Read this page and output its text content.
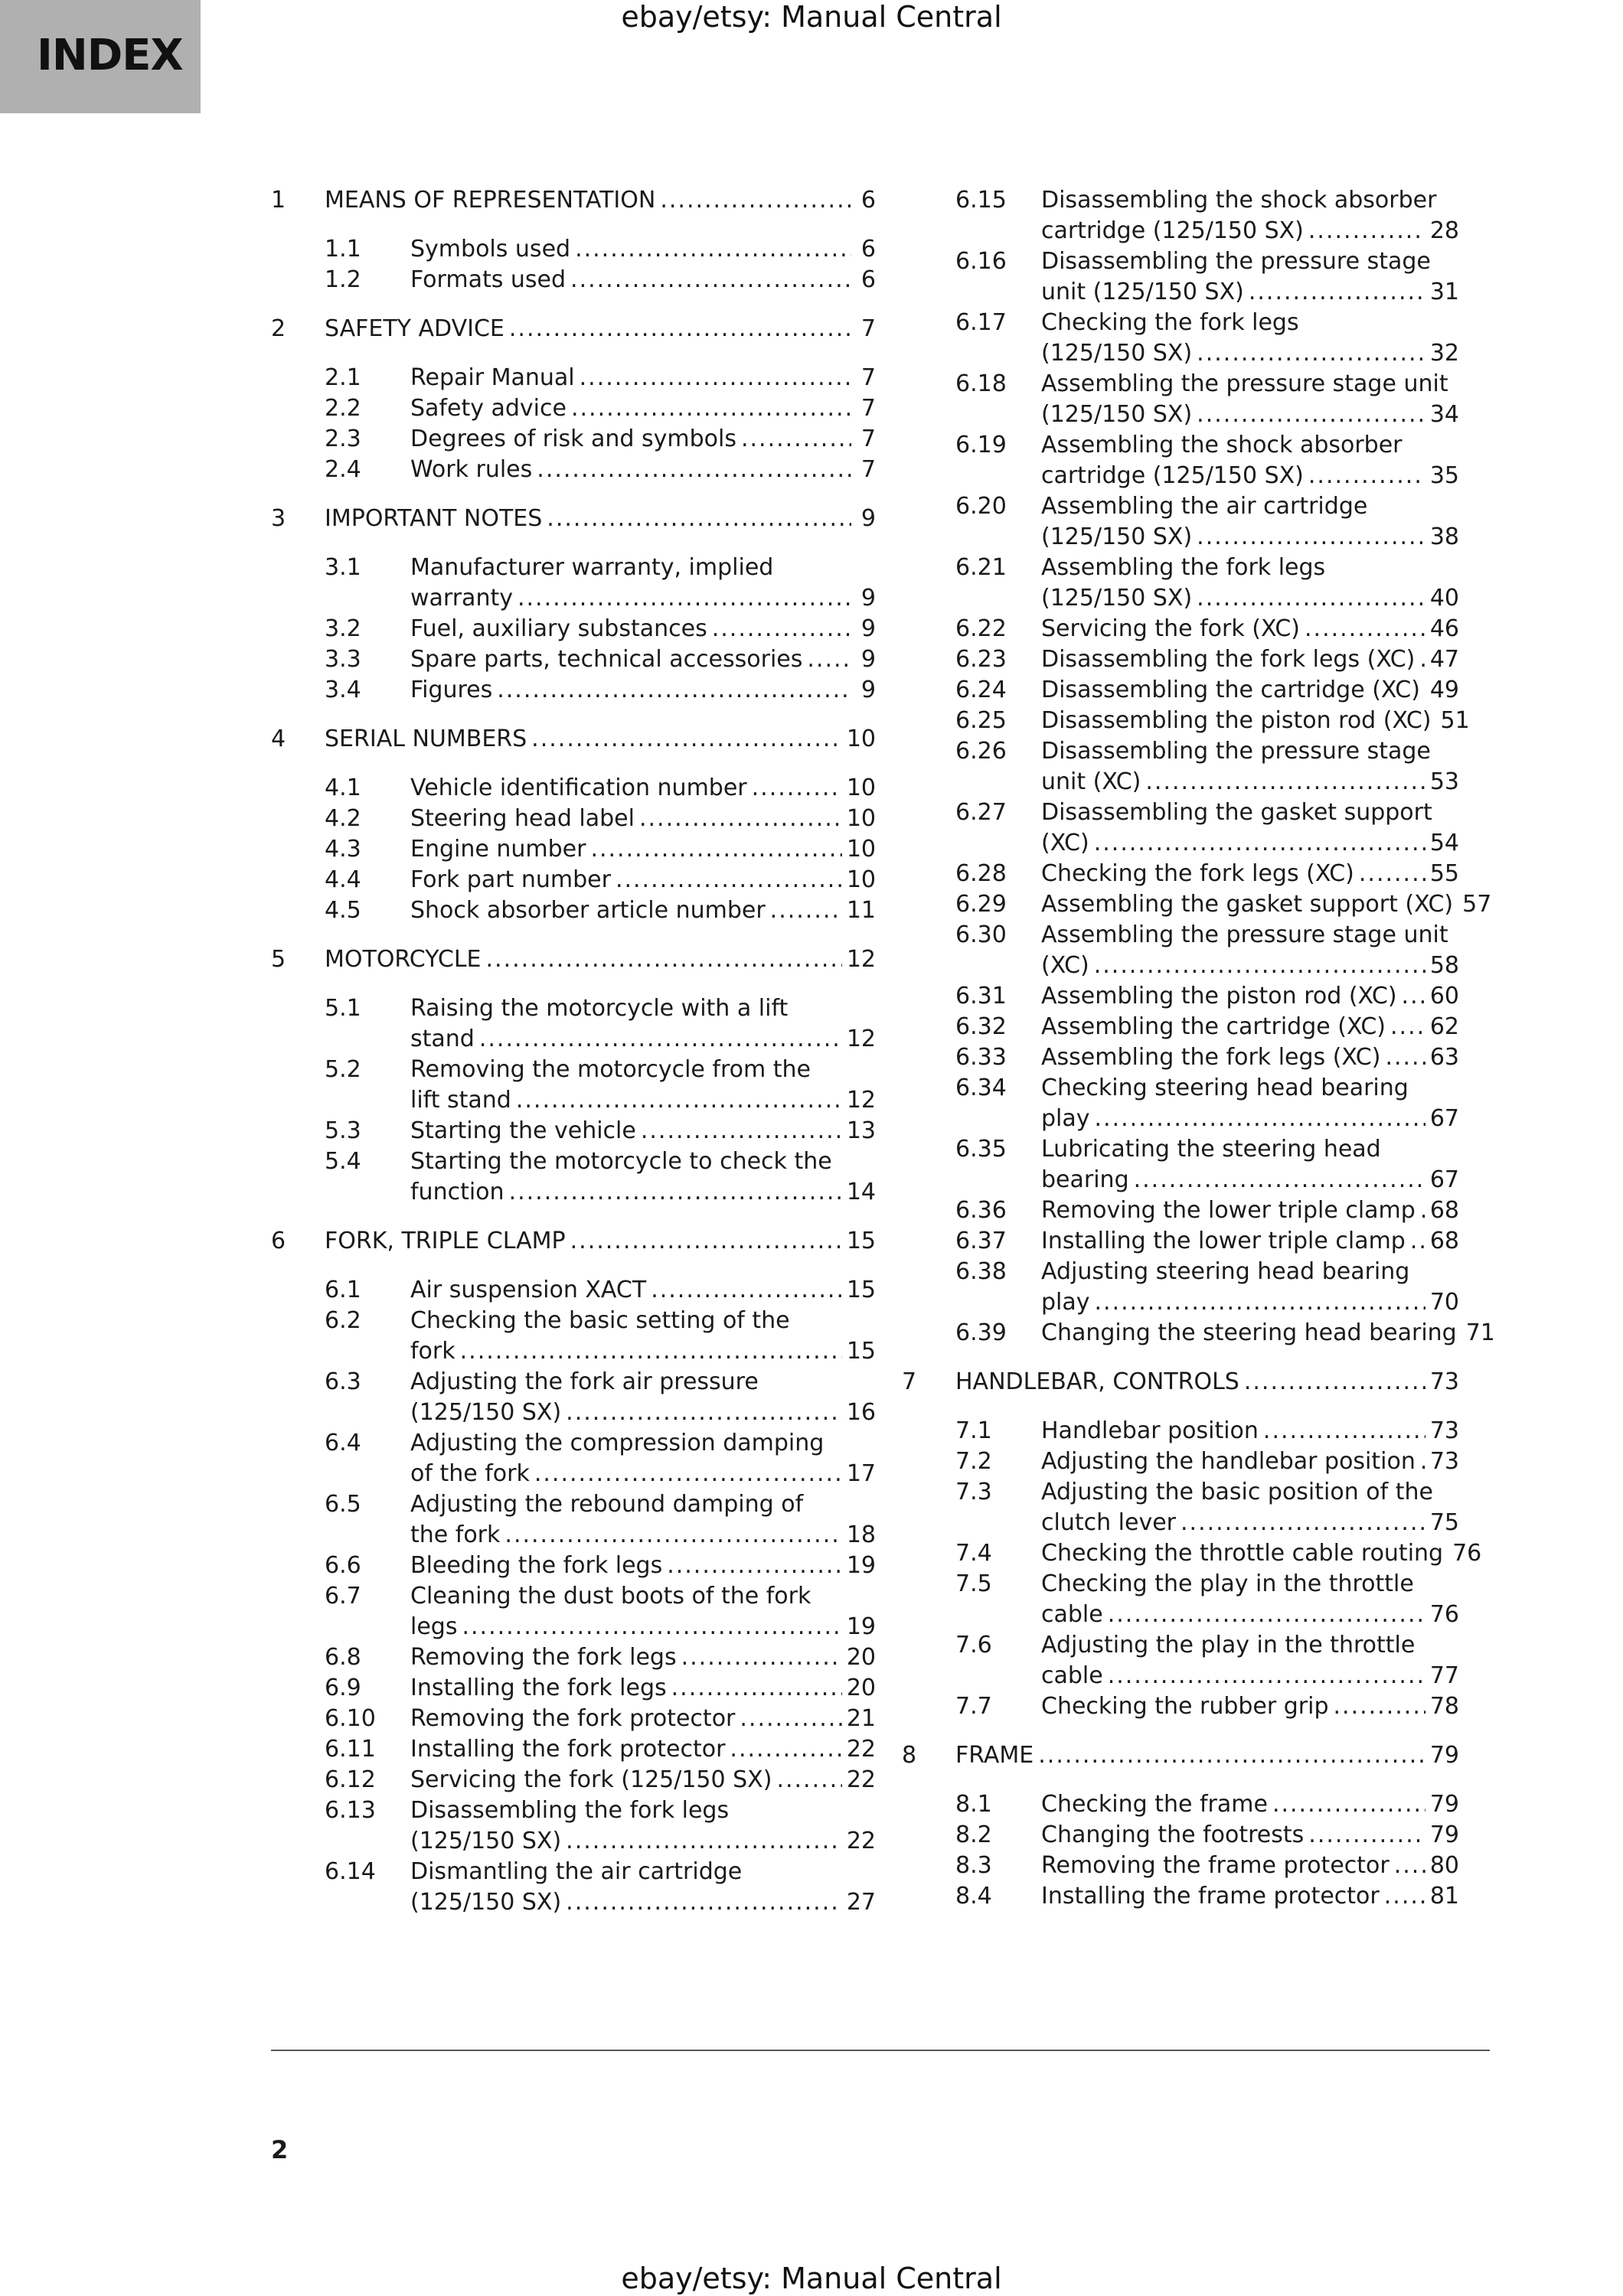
ebay/etsy: Manual Central
INDEX
1 MEANS OF REPRESENTATION .....	6
1.1 Symbols used .....	6
1.2 Formats used .....	6
2 SAFETY ADVICE .....	7
2.1 Repair Manual .....	7
2.2 Safety advice .....	7
2.3 Degrees of risk and symbols .....	7
2.4 Work rules .....	7
3 IMPORTANT NOTES .....	9
3.1 Manufacturer warranty, implied
warranty .....	9
3.2 Fuel, auxiliary substances .....	9
3.3 Spare parts, technical accessories .....	9
3.4 Figures .....	9
4 SERIAL NUMBERS .....	10
4.1 Vehicle identification number .....	10
4.2 Steering head label .....	10
4.3 Engine number .....	10
4.4 Fork part number .....	10
4.5 Shock absorber article number .....	11
5 MOTORCYCLE .....	12
5.1 Raising the motorcycle with a lift
stand .....	12
5.2 Removing the motorcycle from the
lift stand .....	12
5.3 Starting the vehicle .....	13
5.4 Starting the motorcycle to check the
function .....	14
6 FORK, TRIPLE CLAMP .....	15
6.1 Air suspension XACT .....	15
6.2 Checking the basic setting of the
fork .....	15
6.3 Adjusting the fork air pressure
(125/150 SX) .....	16
6.4 Adjusting the compression damping
of the fork .....	17
6.5 Adjusting the rebound damping of
the fork .....	18
6.6 Bleeding the fork legs .....	19
6.7 Cleaning the dust boots of the fork
legs .....	19
6.8 Removing the fork legs .....	20
6.9 Installing the fork legs .....	20
6.10 Removing the fork protector .....	21
6.11 Installing the fork protector .....	22
6.12 Servicing the fork (125/150 SX) .....	22
6.13 Disassembling the fork legs
(125/150 SX) .....	22
6.14 Dismantling the air cartridge
(125/150 SX) .....	27
6.15 Disassembling the shock absorber
cartridge (125/150 SX) .....	28
6.16 Disassembling the pressure stage
unit (125/150 SX) .....	31
6.17 Checking the fork legs
(125/150 SX) .....	32
6.18 Assembling the pressure stage unit
(125/150 SX) .....	34
6.19 Assembling the shock absorber
cartridge (125/150 SX) .....	35
6.20 Assembling the air cartridge
(125/150 SX) .....	38
6.21 Assembling the fork legs
(125/150 SX) .....	40
6.22 Servicing the fork (XC) .....	46
6.23 Disassembling the fork legs (XC) ..... 47
6.24 Disassembling the cartridge (XC) ..... 49
6.25 Disassembling the piston rod (XC) 51
6.26 Disassembling the pressure stage
unit (XC) .....	53
6.27 Disassembling the gasket support
(XC) .....	54
6.28 Checking the fork legs (XC) .....	55
6.29 Assembling the gasket support (XC) 57
6.30 Assembling the pressure stage unit
(XC) .....	58
6.31 Assembling the piston rod (XC) ..... 60
6.32 Assembling the cartridge (XC) ..... 62
6.33 Assembling the fork legs (XC) ..... 63
6.34 Checking steering head bearing
play .....	67
6.35 Lubricating the steering head
bearing .....	67
6.36 Removing the lower triple clamp ..... 68
6.37 Installing the lower triple clamp ..... 68
6.38 Adjusting steering head bearing
play .....	70
6.39 Changing the steering head bearing 71
7 HANDLEBAR, CONTROLS .....	73
7.1 Handlebar position .....	73
7.2 Adjusting the handlebar position ..... 73
7.3 Adjusting the basic position of the
clutch lever .....	75
7.4 Checking the throttle cable routing 76
7.5 Checking the play in the throttle
cable .....	76
7.6 Adjusting the play in the throttle
cable .....	77
7.7 Checking the rubber grip .....	78
8 FRAME .....	79
8.1 Checking the frame .....	79
8.2 Changing the footrests .....	79
8.3 Removing the frame protector ..... 80
8.4 Installing the frame protector ..... 81
2
ebay/etsy: Manual Central
